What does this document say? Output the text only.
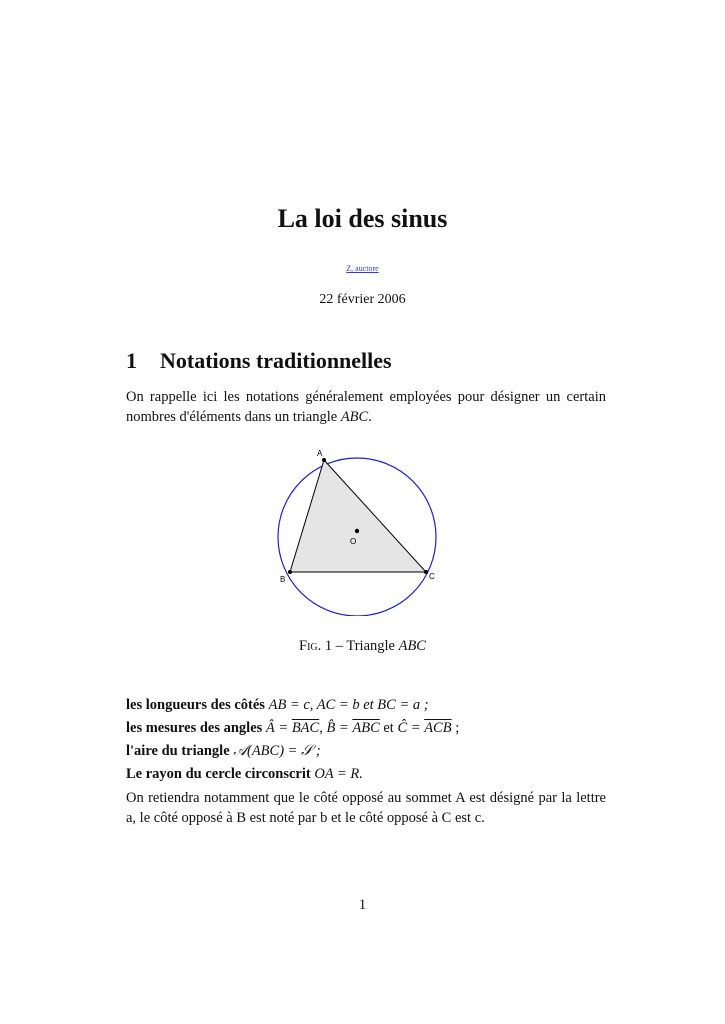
La loi des sinus
Z, auctore
22 février 2006
1 Notations traditionnelles
On rappelle ici les notations généralement employées pour désigner un certain nombres d'éléments dans un triangle ABC.
A
B	C
O
Fig. 1 – Triangle ABC
les longueurs des côtés AB = c, AC = b et BC = a ;
les mesures des angles Â = $\overline{BAC}$, B̂ = $\overline{ABC}$ et Ĉ = $\overline{ACB}$ ;
l'aire du triangle 𝒜(ABC) = 𝒮 ;
Le rayon du cercle circonscrit OA = R.
On retiendra notamment que le côté opposé au sommet A est désigné par la lettre a, le côté opposé à B est noté par b et le côté opposé à C est c.
1
